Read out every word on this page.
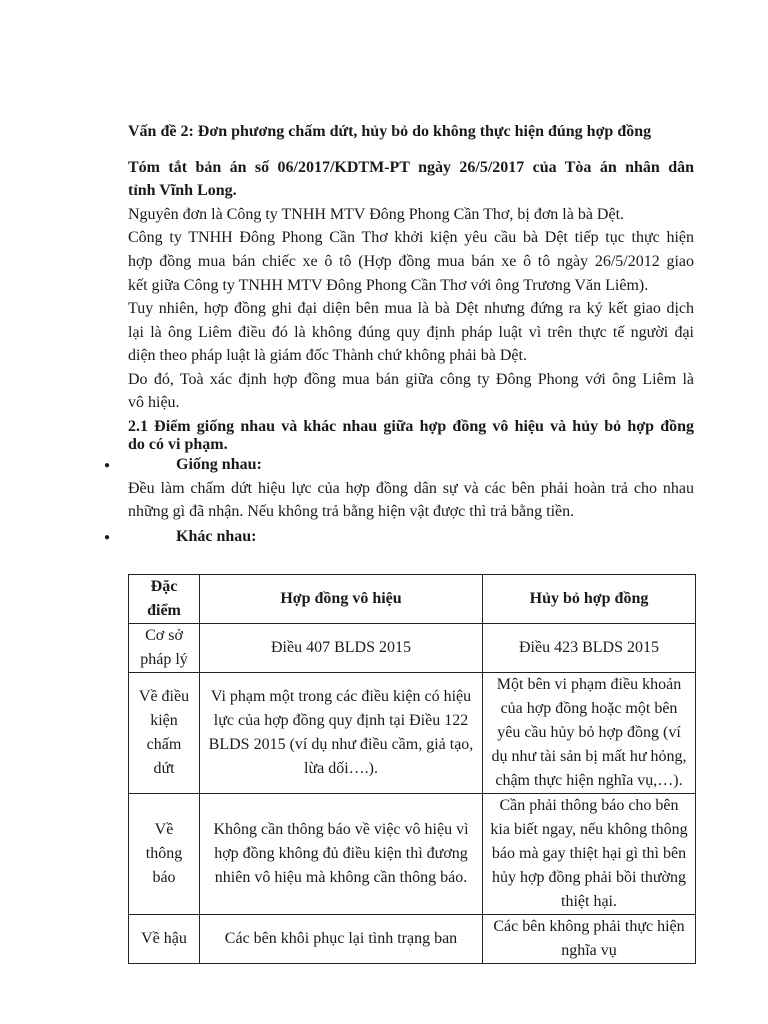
Vấn đề 2: Đơn phương chấm dứt, hủy bỏ do không thực hiện đúng hợp đồng
Tóm tắt bản án số 06/2017/KDTM-PT ngày 26/5/2017 của Tòa án nhân dân
tỉnh Vĩnh Long.
Nguyên đơn là Công ty TNHH MTV Đông Phong Cần Thơ, bị đơn là bà Dệt.
Công ty TNHH Đông Phong Cần Thơ khởi kiện yêu cầu bà Dệt tiếp tục thực hiện
hợp đồng mua bán chiếc xe ô tô (Hợp đồng mua bán xe ô tô ngày 26/5/2012 giao
kết giữa Công ty TNHH MTV Đông Phong Cần Thơ với ông Trương Văn Liêm).
Tuy nhiên, hợp đồng ghi đại diện bên mua là bà Dệt nhưng đứng ra ký kết giao dịch
lại là ông Liêm điều đó là không đúng quy định pháp luật vì trên thực tế người đại
diện theo pháp luật là giám đốc Thành chứ không phải bà Dệt.
Do đó, Toà xác định hợp đồng mua bán giữa công ty Đông Phong với ông Liêm là
vô hiệu.
2.1 Điểm giống nhau và khác nhau giữa hợp đồng vô hiệu và hủy bỏ hợp đồng
do có vi phạm.
●	Giống nhau:
Đều làm chấm dứt hiệu lực của hợp đồng dân sự và các bên phải hoàn trả cho nhau
những gì đã nhận. Nếu không trả bằng hiện vật được thì trả bằng tiền.
●	Khác nhau:
Đặc điểm	Hợp đồng vô hiệu	Hủy bỏ hợp đồng
Cơ sở pháp lý	Điều 407 BLDS 2015	Điều 423 BLDS 2015
Về điều kiện chấm dứt	Vi phạm một trong các điều kiện có hiệu lực của hợp đồng quy định tại Điều 122 BLDS 2015 (ví dụ như điều cầm, giả tạo, lừa dối….).	Một bên vi phạm điều khoản của hợp đồng hoặc một bên yêu cầu hủy bỏ hợp đồng (ví dụ như tài sản bị mất hư hỏng, chậm thực hiện nghĩa vụ,…).
Về thông báo	Không cần thông báo về việc vô hiệu vì hợp đồng không đủ điều kiện thì đương nhiên vô hiệu mà không cần thông báo.	Cần phải thông báo cho bên kia biết ngay, nếu không thông báo mà gay thiệt hại gì thì bên hủy hợp đồng phải bồi thường thiệt hại.
Về hậu	Các bên khôi phục lại tình trạng ban	Các bên không phải thực hiện nghĩa vụ
